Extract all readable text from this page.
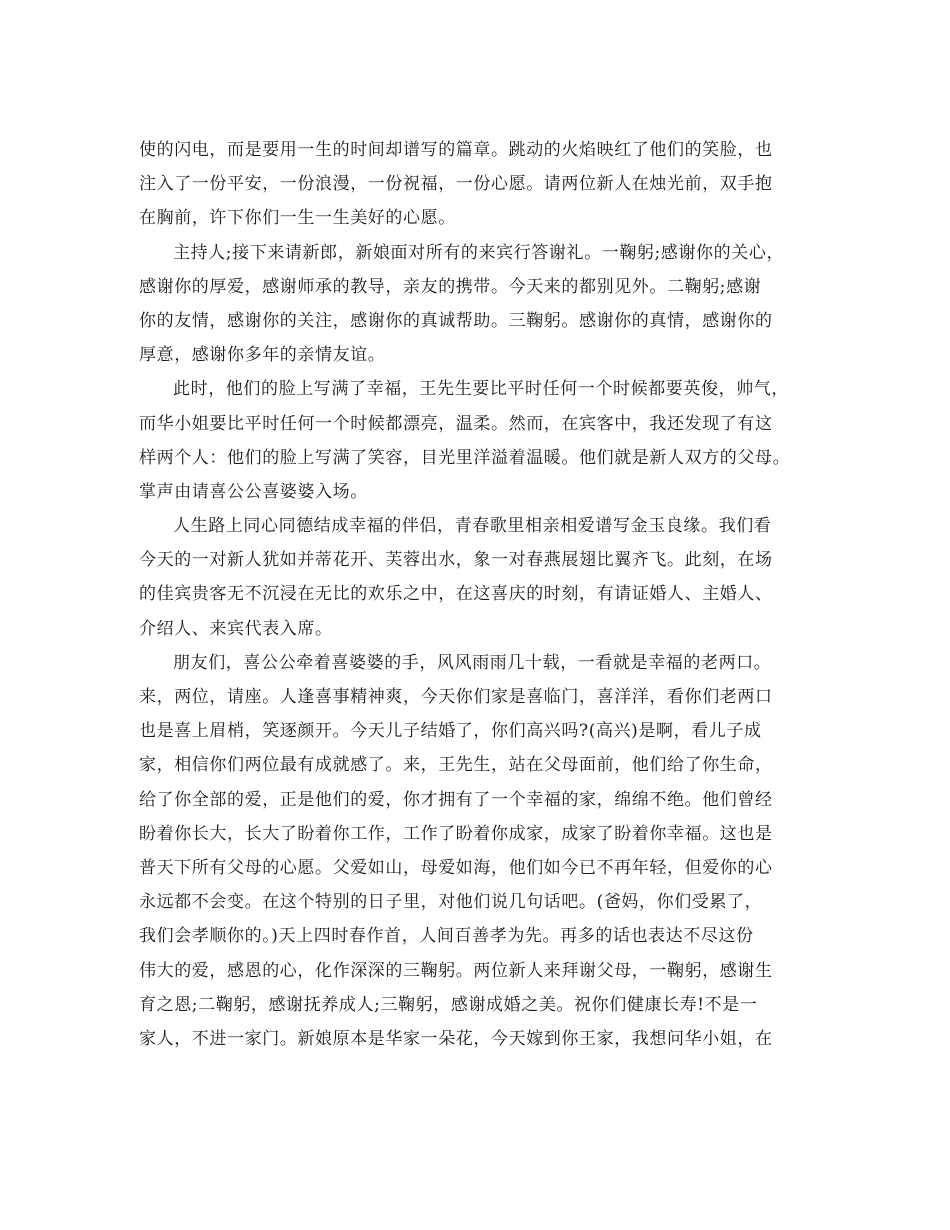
使的闪电，而是要用一生的时间却谱写的篇章。跳动的火焰映红了他们的笑脸，也
注入了一份平安，一份浪漫，一份祝福，一份心愿。请两位新人在烛光前，双手抱
在胸前，许下你们一生一生美好的心愿。

主持人;接下来请新郎，新娘面对所有的来宾行答谢礼。一鞠躬;感谢你的关心，
感谢你的厚爱，感谢师承的教导，亲友的携带。今天来的都别见外。二鞠躬;感谢
你的友情，感谢你的关注，感谢你的真诚帮助。三鞠躬。感谢你的真情，感谢你的
厚意，感谢你多年的亲情友谊。

此时，他们的脸上写满了幸福，王先生要比平时任何一个时候都要英俊，帅气，
而华小姐要比平时任何一个时候都漂亮，温柔。然而，在宾客中，我还发现了有这
样两个人：他们的脸上写满了笑容，目光里洋溢着温暖。他们就是新人双方的父母。
掌声由请喜公公喜婆婆入场。

人生路上同心同德结成幸福的伴侣，青春歌里相亲相爱谱写金玉良缘。我们看
今天的一对新人犹如并蒂花开、芙蓉出水，象一对春燕展翅比翼齐飞。此刻，在场
的佳宾贵客无不沉浸在无比的欢乐之中，在这喜庆的时刻，有请证婚人、主婚人、
介绍人、来宾代表入席。

朋友们，喜公公牵着喜婆婆的手，风风雨雨几十载，一看就是幸福的老两口。
来，两位，请座。人逢喜事精神爽，今天你们家是喜临门，喜洋洋，看你们老两口
也是喜上眉梢，笑逐颜开。今天儿子结婚了，你们高兴吗?(高兴)是啊，看儿子成
家，相信你们两位最有成就感了。来，王先生，站在父母面前，他们给了你生命，
给了你全部的爱，正是他们的爱，你才拥有了一个幸福的家，绵绵不绝。他们曾经
盼着你长大，长大了盼着你工作，工作了盼着你成家，成家了盼着你幸福。这也是
普天下所有父母的心愿。父爱如山，母爱如海，他们如今已不再年轻，但爱你的心
永远都不会变。在这个特别的日子里，对他们说几句话吧。(爸妈，你们受累了，
我们会孝顺你的。)天上四时春作首，人间百善孝为先。再多的话也表达不尽这份
伟大的爱，感恩的心，化作深深的三鞠躬。两位新人来拜谢父母，一鞠躬，感谢生
育之恩;二鞠躬，感谢抚养成人;三鞠躬，感谢成婚之美。祝你们健康长寿!不是一
家人，不进一家门。新娘原本是华家一朵花，今天嫁到你王家，我想问华小姐，在
